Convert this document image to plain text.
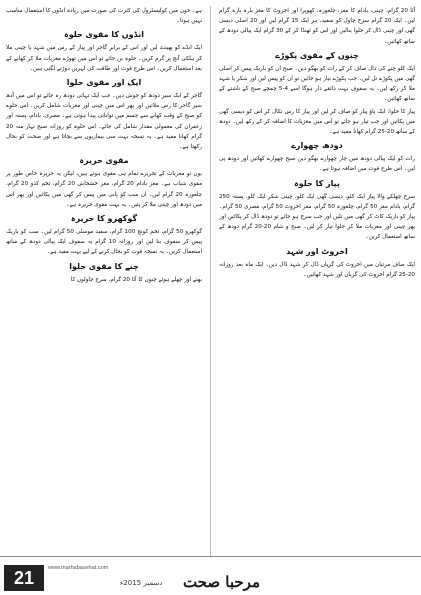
آٹا 20 گرام، چینی، بادام کا مغز، چلغوزہ، کھوپرا اور اخروٹ کا مغز بارہ بارہ گرام لیں۔ ایک 20 گرام سرخ چاول کو سفید، ہر ایک 15 گرام لیں اور 20 اصلی دیسی گھی اور چینی ڈال کر حلوا بنالیں اور اس کو ٹھنڈا کر کے 30 گرام ایک پیالی دودھ کے ساتھ کھائیں۔

چنوں کے مقوی پکوڑے

ایک کلو چنے کی دال صاف کر کے رات کو بھگو دیں۔ صبح ان کو باریک پیس کر اصلی گھی میں پکوڑے تل لیں۔ جب پکوڑے تیار ہو جائیں تو ان کو پیس لیں اور شکر یا شہد ملا کر رکھ لیں۔ یہ سفوف بہت ذائقے دار ہوگا اسے 4-5 چمچے صبح کے ناشتے کے ساتھ کھائیں۔

پیاز کا حلوا: ایک پاؤ پیاز کو صاف کر لیں اور پیاز کا رس نکال کر اس کو دیسی گھی میں پکائیں اور جب تیار ہو جائے تو اس میں مغزیات کا اضافہ کر کے رکھ لیں۔ دودھ کے ساتھ 20-25 گرام کھانا مفید ہے۔

دودھ چھوارے

رات کو ایک پیالی دودھ میں چار چھوارے بھگو دیں صبح چھوارے کھائیں اور دودھ پی لیں۔ اس طرح قوت میں اضافہ ہوتا ہے۔

پیاز کا حلوہ

سرخ چھلکے والا پیاز ایک کلو، دیسی گھی ایک کلو، چینی شکر ایک کلو، پستہ 250 گرام، بادام مغز 50 گرام، چلغوزہ 50 گرام، مغز اخروٹ 50 گرام، مصری 50 گرام۔ پیاز کو باریک کاٹ کر گھی میں تلیں اور جب سرخ ہو جائے تو دودھ ڈال کر پکائیں اور پھر چینی اور مغزیات ملا کر حلوا تیار کر لیں۔ صبح و شام 20-20 گرام دودھ کے ساتھ استعمال کریں۔

اخروٹ اور شہد

ایک صاف مرتبان میں اخروٹ کی گریاں ڈال کر شہد ڈال دیں۔ ایک ماہ بعد روزانہ 20-25 گرام اخروٹ کی گریاں اور شہد کھائیں۔

ہے۔ خون میں کولیسٹرول کی کثرت کی صورت میں زیادہ انڈوں کا استعمال مناسب نہیں ہوتا۔

انڈوں کا مقوی حلوہ

ایک انڈے کو پھینٹ لیں اور اس کے برابر گاجر اور پیاز کے رس میں شہد یا چینی ملا کر ہلکی آنچ پر گرم کریں۔ حلوہ بن جائے تو اس میں تھوڑے مغزیات ملا کر کھانے کے بعد استعمال کریں۔ اس طرح قوت اور طاقت کی لہریں دوڑنے لگتی ہیں۔

ایک اور مقوی حلوا

گاجر کے ایک سیر دودھ کو جوش دیں۔ جب ایک تہائی دودھ رہ جائے تو اس میں آدھ سیر گاجر کا رس ملائیں اور پھر اس میں چینی اور مغزیات شامل کریں۔ اس حلوے کو صبح کے وقت کھانے سے جسم میں توانائی پیدا ہوتی ہے۔ مصری، بادام، پستہ اور زعفران کی معمولی مقدار شامل کی جائے۔ اس حلوہ کو روزانہ صبح نہار منہ 20 گرام کھانا مفید ہے۔ یہ نسخہ بہت سی بیماریوں سے بچاتا ہے اور صحت کو بحال رکھتا ہے۔

مقوی حریرہ

یوں تو مغزیات کے تحریرے تمام ہی مقوی ہوتے ہیں، لیکن یہ حریرہ خاص طور پر مقوی شباب ہے۔ مغز بادام 20 گرام، مغز خشخاش 20 گرام، تخم کدو 20 گرام، چلغوزہ 20 گرام لیں۔ ان سب کو پانی میں پیس کر گھی میں پکائیں اور پھر اس میں دودھ اور چینی ملا کر پئیں۔ یہ بہت مقوی حریرہ ہے۔

گوکھرو کا حریرہ

گوکھرو 50 گرام، تخم کونچ 100 گرام، سفید موسلی 50 گرام لیں۔ سب کو باریک پیس کر سفوف بنا لیں اور روزانہ 10 گرام یہ سفوف ایک پیالی دودھ کے ساتھ استعمال کریں۔ یہ نسخہ قوت کو بحال کرنے کے لیے بہت مفید ہے۔

چنے کا مقوی حلوا

بھنے اور چھلے ہوئے چنوں کا آٹا 20 گرام، سرخ چاولوں کا

21	www.marhabasehat.com
مرحبا صحت
دسمبر 2015ء
